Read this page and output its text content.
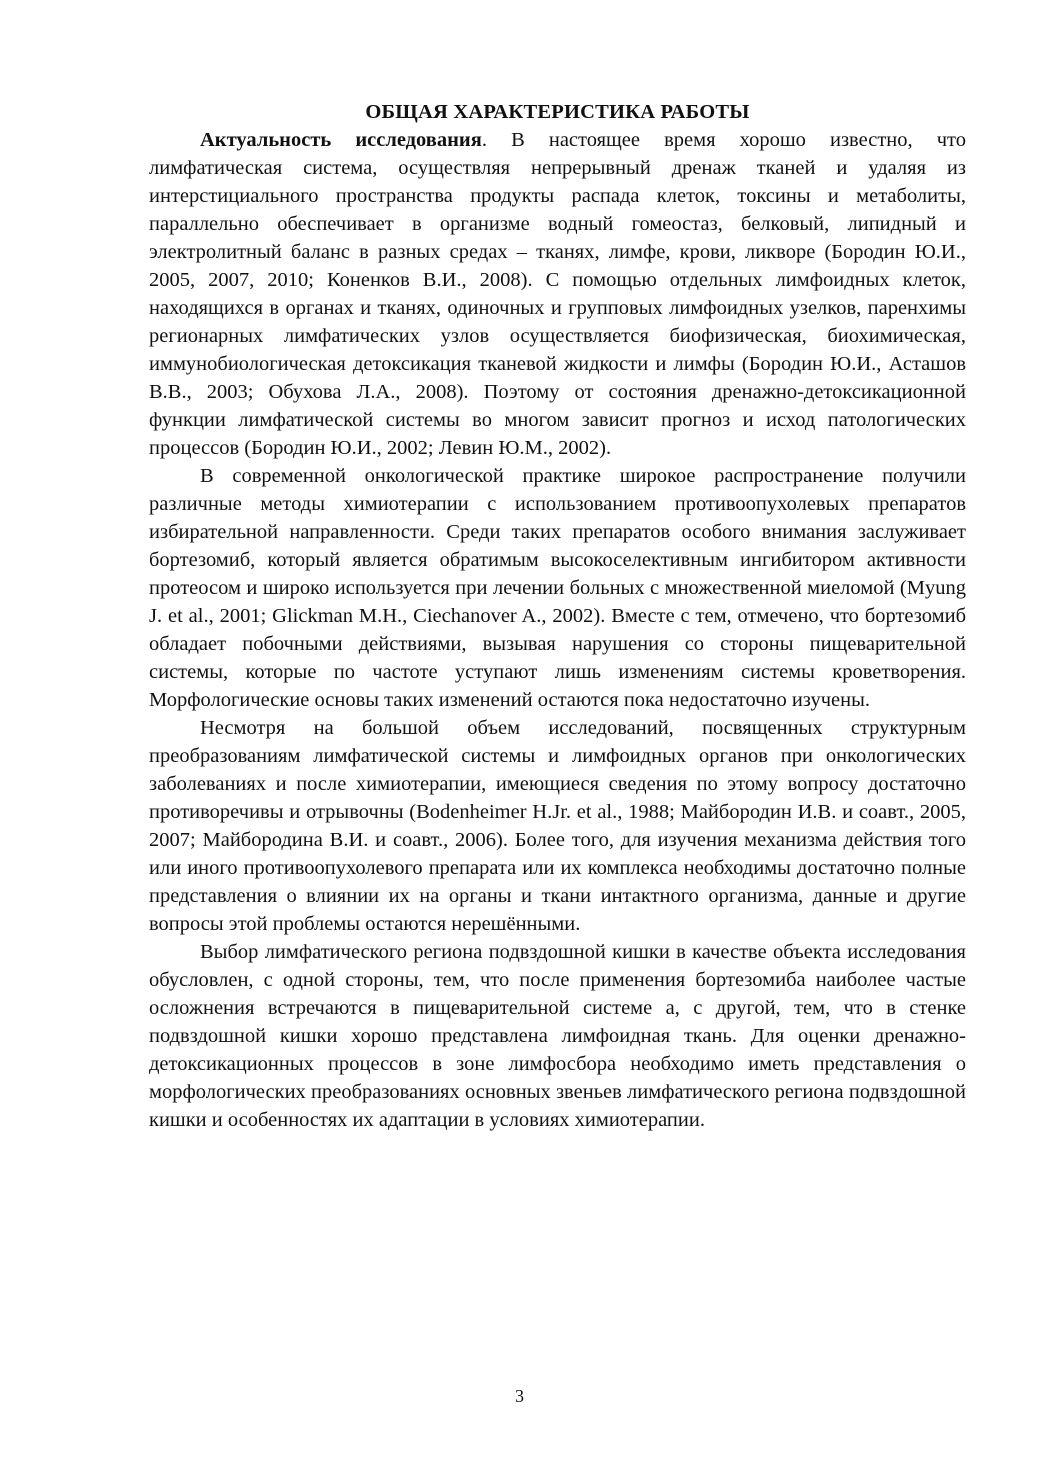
ОБЩАЯ ХАРАКТЕРИСТИКА РАБОТЫ

Актуальность исследования. В настоящее время хорошо известно, что лимфатическая система, осуществляя непрерывный дренаж тканей и удаляя из интерстициального пространства продукты распада клеток, токсины и метаболиты, параллельно обеспечивает в организме водный гомеостаз, белковый, липидный и электролитный баланс в разных средах – тканях, лимфе, крови, ликворе (Бородин Ю.И., 2005, 2007, 2010; Коненков В.И., 2008). С помощью отдельных лимфоидных клеток, находящихся в органах и тканях, одиночных и групповых лимфоидных узелков, паренхимы регионарных лимфатических узлов осуществляется биофизическая, биохимическая, иммунобиологическая детоксикация тканевой жидкости и лимфы (Бородин Ю.И., Асташов В.В., 2003; Обухова Л.А., 2008). Поэтому от состояния дренажно-детоксикационной функции лимфатической системы во многом зависит прогноз и исход патологических процессов (Бородин Ю.И., 2002; Левин Ю.М., 2002).

В современной онкологической практике широкое распространение получили различные методы химиотерапии с использованием противоопухолевых препаратов избирательной направленности. Среди таких препаратов особого внимания заслуживает бортезомиб, который является обратимым высокоселективным ингибитором активности протеосом и широко используется при лечении больных с множественной миеломой (Myung J. et al., 2001; Glickman M.H., Ciechanover A., 2002). Вместе с тем, отмечено, что бортезомиб обладает побочными действиями, вызывая нарушения со стороны пищеварительной системы, которые по частоте уступают лишь изменениям системы кроветворения. Морфологические основы таких изменений остаются пока недостаточно изучены.

Несмотря на большой объем исследований, посвященных структурным преобразованиям лимфатической системы и лимфоидных органов при онкологических заболеваниях и после химиотерапии, имеющиеся сведения по этому вопросу достаточно противоречивы и отрывочны (Bodenheimer H.Jr. et al., 1988; Майбородин И.В. и соавт., 2005, 2007; Майбородина В.И. и соавт., 2006). Более того, для изучения механизма действия того или иного противоопухолевого препарата или их комплекса необходимы достаточно полные представления о влиянии их на органы и ткани интактного организма, данные и другие вопросы этой проблемы остаются нерешёнными.

Выбор лимфатического региона подвздошной кишки в качестве объекта исследования обусловлен, с одной стороны, тем, что после применения бортезомиба наиболее частые осложнения встречаются в пищеварительной системе а, с другой, тем, что в стенке подвздошной кишки хорошо представлена лимфоидная ткань. Для оценки дренажно-детоксикационных процессов в зоне лимфосбора необходимо иметь представления о морфологических преобразованиях основных звеньев лимфатического региона подвздошной кишки и особенностях их адаптации в условиях химиотерапии.

3
